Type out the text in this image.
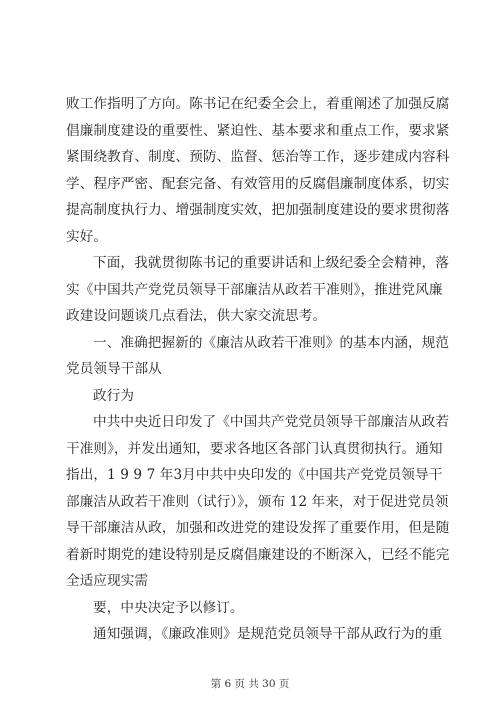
败工作指明了方向。陈书记在纪委全会上，着重阐述了加强反腐
倡廉制度建设的重要性、紧迫性、基本要求和重点工作，要求紧
紧围绕教育、制度、预防、监督、惩治等工作，逐步建成内容科
学、程序严密、配套完备、有效管用的反腐倡廉制度体系，切实
提高制度执行力、增强制度实效，把加强制度建设的要求贯彻落
实好。
下面，我就贯彻陈书记的重要讲话和上级纪委全会精神，落
实《中国共产党党员领导干部廉洁从政若干准则》，推进党风廉
政建设问题谈几点看法，供大家交流思考。
一、准确把握新的《廉洁从政若干准则》的基本内涵，规范
党员领导干部从
政行为
中共中央近日印发了《中国共产党党员领导干部廉洁从政若
干准则》，并发出通知，要求各地区各部门认真贯彻执行。通知
指出，1 9 9 7 年3月中共中央印发的《中国共产党党员领导干
部廉洁从政若干准则（试行）》，颁布 12 年来，对于促进党员领
导干部廉洁从政，加强和改进党的建设发挥了重要作用，但是随
着新时期党的建设特别是反腐倡廉建设的不断深入，已经不能完
全适应现实需
要，中央决定予以修订。
通知强调，《廉政准则》是规范党员领导干部从政行为的重
第 6 页 共 30 页
